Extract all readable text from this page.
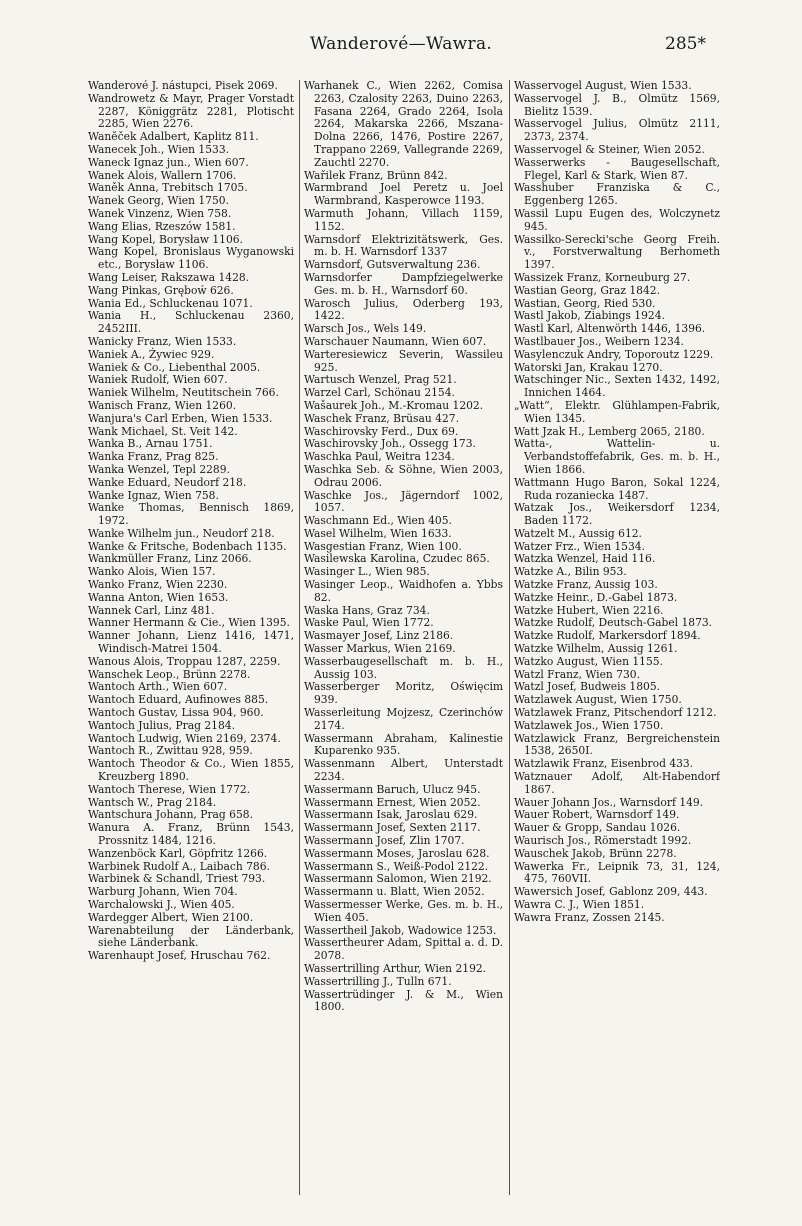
Wanderové—Wawra.	285*

Wanderové J. nástupci, Pisek 2069.

Wandrowetz & Mayr, Prager Vorstadt 2287, Königgrätz 2281, Plotischt 2285, Wien 2276.

Wanĕček Adalbert, Kaplitz 811.

Wanecek Joh., Wien 1533.

Waneck Ignaz jun., Wien 607.

Wanek Alois, Wallern 1706.

Waněk Anna, Trebitsch 1705.

Wanek Georg, Wien 1750.

Wanek Vinzenz, Wien 758.

Wang Elias, Rzeszów 1581.

Wang Kopel, Borysław 1106.

Wang Kopel, Bronislaus Wyganowski etc., Borysław 1106.

Wang Leiser, Rakszawa 1428.

Wang Pinkas, Gręboẃ 626.

Wania Ed., Schluckenau 1071.

Wania H., Schluckenau 2360, 2452III.

Wanicky Franz, Wien 1533.

Waniek A., Żywiec 929.

Waniek & Co., Liebenthal 2005.

Waniek Rudolf, Wien 607.

Waniek Wilhelm, Neutitschein 766.

Wanisch Franz, Wien 1260.

Wanjura's Carl Erben, Wien 1533.

Wank Michael, St. Veit 142.

Wanka B., Arnau 1751.

Wanka Franz, Prag 825.

Wanka Wenzel, Tepl 2289.

Wanke Eduard, Neudorf 218.

Wanke Ignaz, Wien 758.

Wanke Thomas, Bennisch 1869, 1972.

Wanke Wilhelm jun., Neudorf 218.

Wanke & Fritsche, Bodenbach 1135.

Wankmüller Franz, Linz 2066.

Wanko Alois, Wien 157.

Wanko Franz, Wien 2230.

Wanna Anton, Wien 1653.

Wannek Carl, Linz 481.

Wanner Hermann & Cie., Wien 1395.

Wanner Johann, Lienz 1416, 1471, Windisch-Matrei 1504.

Wanous Alois, Troppau 1287, 2259.

Wanschek Leop., Brünn 2278.

Wantoch Arth., Wien 607.

Wantoch Eduard, Aufinowes 885.

Wantoch Gustav, Lissa 904, 960.

Wantoch Julius, Prag 2184.

Wantoch Ludwig, Wien 2169, 2374.

Wantoch R., Zwittau 928, 959.

Wantoch Theodor & Co., Wien 1855, Kreuzberg 1890.

Wantoch Therese, Wien 1772.

Wantsch W., Prag 2184.

Wantschura Johann, Prag 658.

Wanura A. Franz, Brünn 1543, Prossnitz 1484, 1216.

Wanzenböck Karl, Göpfritz 1266.

Warbinek Rudolf A., Laibach 786.

Warbinek & Schandl, Triest 793.

Warburg Johann, Wien 704.

Warchalowski J., Wien 405.

Wardegger Albert, Wien 2100.

Warenabteilung der Länderbank, siehe Länderbank.

Warenhaupt Josef, Hruschau 762.

Warhanek C., Wien 2262, Comisa 2263, Czalosity 2263, Duino 2263, Fasana 2264, Grado 2264, Isola 2264, Makarska 2266, Mszana-Dolna 2266, 1476, Postire 2267, Trappano 2269, Vallegrande 2269, Zauchtl 2270.

Wařilek Franz, Brünn 842.

Warmbrand Joel Peretz u. Joel Warmbrand, Kasperowce 1193.

Warmuth Johann, Villach 1159, 1152.

Warnsdorf Elektrizitätswerk, Ges. m. b. H. Warnsdorf 1337

Warnsdorf, Gutsverwaltung 236.

Warnsdorfer Dampfziegelwerke Ges. m. b. H., Warnsdorf 60.

Warosch Julius, Oderberg 193, 1422.

Warsch Jos., Wels 149.

Warschauer Naumann, Wien 607.

Warteresiewicz Severin, Wassileu 925.

Wartusch Wenzel, Prag 521.

Warzel Carl, Schönau 2154.

Wašaurek Joh., M.-Kromau 1202.

Waschek Franz, Brüsau 427.

Waschirovsky Ferd., Dux 69.

Waschirovsky Joh., Ossegg 173.

Waschka Paul, Weitra 1234.

Waschka Seb. & Söhne, Wien 2003, Odrau 2006.

Waschke Jos., Jägerndorf 1002, 1057.

Waschmann Ed., Wien 405.

Wasel Wilhelm, Wien 1633.

Wasgestian Franz, Wien 100.

Wasilewska Karolina, Czudec 865.

Wasinger L., Wien 985.

Wasinger Leop., Waidhofen a. Ybbs 82.

Waska Hans, Graz 734.

Waske Paul, Wien 1772.

Wasmayer Josef, Linz 2186.

Wasser Markus, Wien 2169.

Wasserbaugesellschaft m. b. H., Aussig 103.

Wasserberger Moritz, Oświęcim 939.

Wasserleitung Mojzesz, Czerinchów 2174.

Wassermann Abraham, Kalinestie Kuparenko 935.

Wassenmann Albert, Unterstadt 2234.

Wassermann Baruch, Ulucz 945.

Wassermann Ernest, Wien 2052.

Wassermann Isak, Jaroslau 629.

Wassermann Josef, Sexten 2117.

Wassermann Josef, Zlin 1707.

Wassermann Moses, Jaroslau 628.

Wassermann S., Weiß-Podol 2122.

Wassermann Salomon, Wien 2192.

Wassermann u. Blatt, Wien 2052.

Wassermesser Werke, Ges. m. b. H., Wien 405.

Wassertheil Jakob, Wadowice 1253.

Wassertheurer Adam, Spittal a. d. D. 2078.

Wassertrilling Arthur, Wien 2192.

Wassertrilling J., Tulln 671.

Wassertrüdinger J. & M., Wien 1800.

Wasservogel August, Wien 1533.

Wasservogel J. B., Olmütz 1569, Bielitz 1539.

Wasservogel Julius, Olmütz 2111, 2373, 2374.

Wasservogel & Steiner, Wien 2052.

Wasserwerks - Baugesellschaft, Flegel, Karl & Stark, Wien 87.

Wasshuber Franziska & C., Eggenberg 1265.

Wassil Lupu Eugen des, Wolczynetz 945.

Wassilko-Serecki'sche Georg Freih. v., Forstverwaltung Berhometh 1397.

Wassizek Franz, Korneuburg 27.

Wastian Georg, Graz 1842.

Wastian, Georg, Ried 530.

Wastl Jakob, Ziabings 1924.

Wastl Karl, Altenwörth 1446, 1396.

Wastlbauer Jos., Weibern 1234.

Wasylenczuk Andry, Toporoutz 1229.

Watorski Jan, Krakau 1270.

Watschinger Nic., Sexten 1432, 1492, Innichen 1464.

„Watt“, Elektr. Glühlampen-Fabrik, Wien 1345.

Watt Jzak H., Lemberg 2065, 2180.

Watta-, Wattelin- u. Verbandstoffefabrik, Ges. m. b. H., Wien 1866.

Wattmann Hugo Baron, Sokal 1224, Ruda rozaniecka 1487.

Watzak Jos., Weikersdorf 1234, Baden 1172.

Watzelt M., Aussig 612.

Watzer Frz., Wien 1534.

Watzka Wenzel, Haid 116.

Watzke A., Bilin 953.

Watzke Franz, Aussig 103.

Watzke Heinr., D.-Gabel 1873.

Watzke Hubert, Wien 2216.

Watzke Rudolf, Deutsch-Gabel 1873.

Watzke Rudolf, Markersdorf 1894.

Watzke Wilhelm, Aussig 1261.

Watzko August, Wien 1155.

Watzl Franz, Wien 730.

Watzl Josef, Budweis 1805.

Watzlawek August, Wien 1750.

Watzlawek Franz, Pitschendorf 1212.

Watzlawek Jos., Wien 1750.

Watzlawick Franz, Bergreichenstein 1538, 2650I.

Watzlawik Franz, Eisenbrod 433.

Watznauer Adolf, Alt-Habendorf 1867.

Wauer Johann Jos., Warnsdorf 149.

Wauer Robert, Warnsdorf 149.

Wauer & Gropp, Sandau 1026.

Waurisch Jos., Römerstadt 1992.

Wauschek Jakob, Brünn 2278.

Wawerka Fr., Leipnik 73, 31, 124, 475, 760VII.

Wawersich Josef, Gablonz 209, 443.

Wawra C. J., Wien 1851.

Wawra Franz, Zossen 2145.
